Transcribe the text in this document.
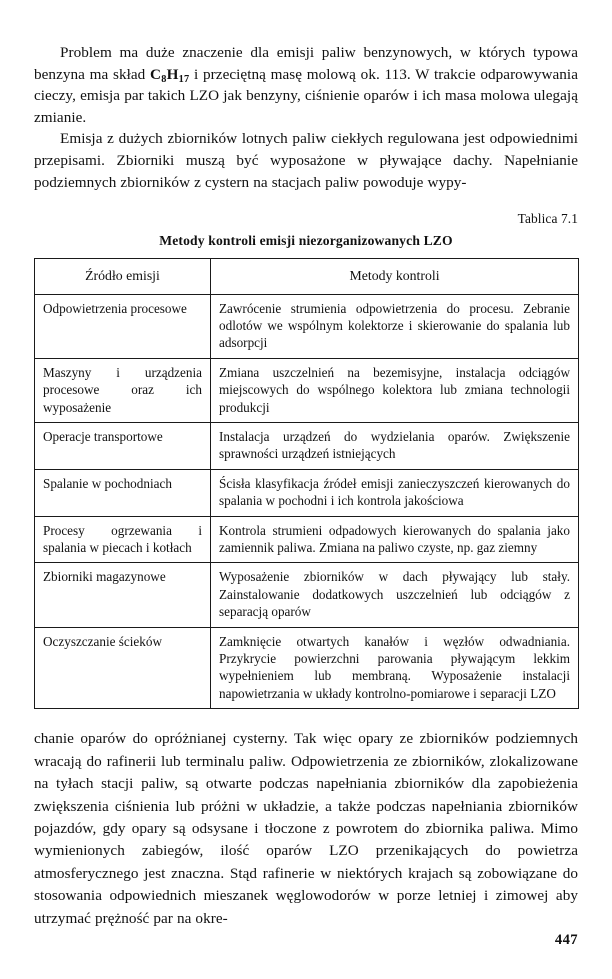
Problem ma duże znaczenie dla emisji paliw benzynowych, w których typowa benzyna ma skład $C_8H_{17}$ i przeciętną masę molową ok. 113. W trakcie odparowywania cieczy, emisja par takich LZO jak benzyny, ciśnienie oparów i ich masa molowa ulegają zmianie.

Emisja z dużych zbiorników lotnych paliw ciekłych regulowana jest odpowiednimi przepisami. Zbiorniki muszą być wyposażone w pływające dachy. Napełnianie podziemnych zbiorników z cystern na stacjach paliw powoduje wypy-

Tablica 7.1
Metody kontroli emisji niezorganizowanych LZO
Źródło emisji	Metody kontroli
Odpowietrzenia procesowe	Zawrócenie strumienia odpowietrzenia do procesu. Zebranie odlotów we wspólnym kolektorze i skierowanie do spalania lub adsorpcji
Maszyny i urządzenia procesowe oraz ich wyposażenie	Zmiana uszczelnień na bezemisyjne, instalacja odciągów miejscowych do wspólnego kolektora lub zmiana technologii produkcji
Operacje transportowe	Instalacja urządzeń do wydzielania oparów. Zwiększenie sprawności urządzeń istniejących
Spalanie w pochodniach	Ścisła klasyfikacja źródeł emisji zanieczyszczeń kierowanych do spalania w pochodni i ich kontrola jakościowa
Procesy ogrzewania i spalania w piecach i kotłach	Kontrola strumieni odpadowych kierowanych do spalania jako zamiennik paliwa. Zmiana na paliwo czyste, np. gaz ziemny
Zbiorniki magazynowe	Wyposażenie zbiorników w dach pływający lub stały. Zainstalowanie dodatkowych uszczelnień lub odciągów z separacją oparów
Oczyszczanie ścieków	Zamknięcie otwartych kanałów i węzłów odwadniania. Przykrycie powierzchni parowania pływającym lekkim wypełnieniem lub membraną. Wyposażenie instalacji napowietrzania w układy kontrolno-pomiarowe i separacji LZO

chanie oparów do opróżnianej cysterny. Tak więc opary ze zbiorników podziemnych wracają do rafinerii lub terminalu paliw. Odpowietrzenia ze zbiorników, zlokalizowane na tyłach stacji paliw, są otwarte podczas napełniania zbiorników dla zapobieżenia zwiększenia ciśnienia lub próżni w układzie, a także podczas napełniania zbiorników pojazdów, gdy opary są odsysane i tłoczone z powrotem do zbiornika paliwa. Mimo wymienionych zabiegów, ilość oparów LZO przenikających do powietrza atmosferycznego jest znaczna. Stąd rafinerie w niektórych krajach są zobowiązane do stosowania odpowiednich mieszanek węglowodorów w porze letniej i zimowej aby utrzymać prężność par na okre-

447
